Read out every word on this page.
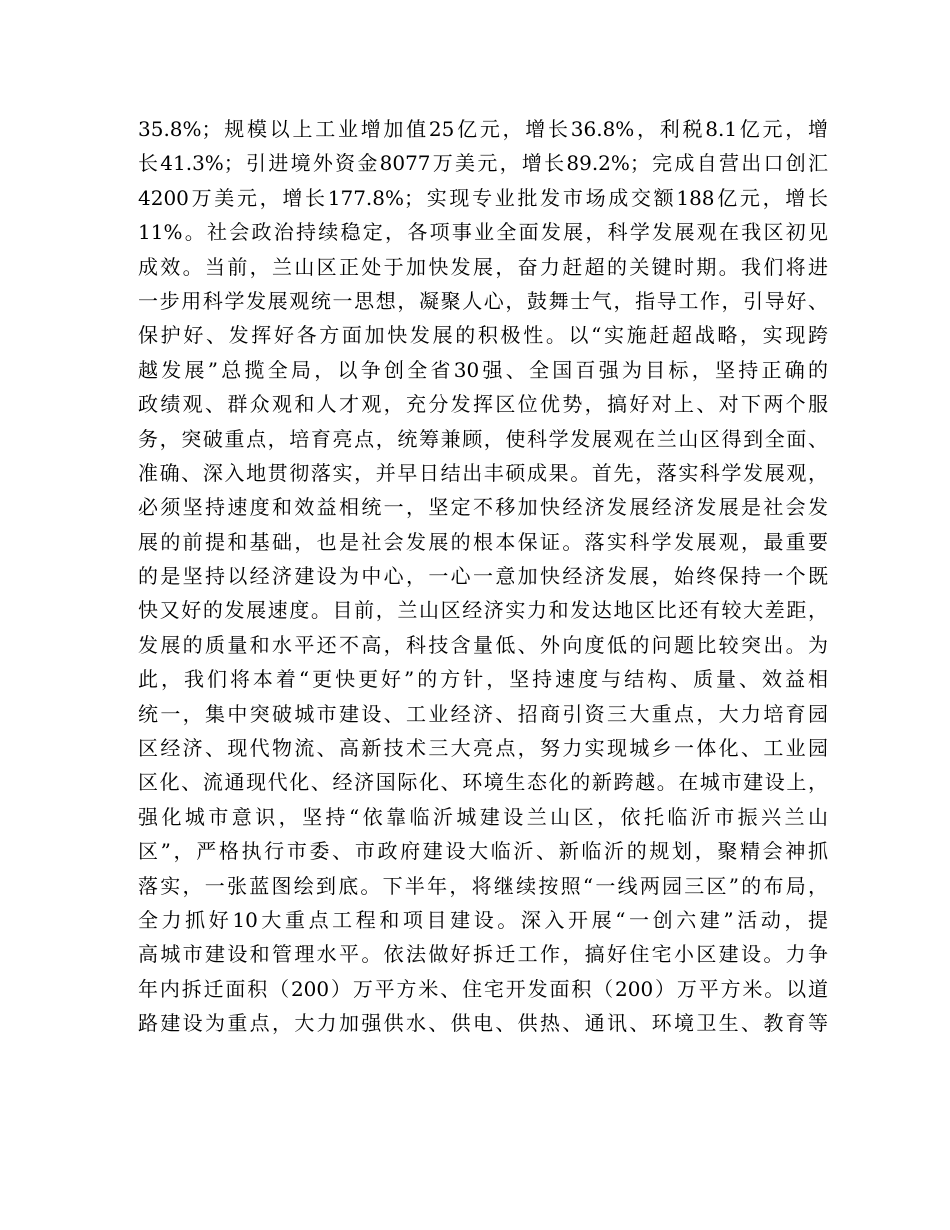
35.8%；规模以上工业增加值25亿元，增长36.8%，利税8.1亿元，增
长41.3%；引进境外资金8077万美元，增长89.2%；完成自营出口创汇
4200万美元，增长177.8%；实现专业批发市场成交额188亿元，增长
11%。社会政治持续稳定，各项事业全面发展，科学发展观在我区初见
成效。当前，兰山区正处于加快发展，奋力赶超的关键时期。我们将进
一步用科学发展观统一思想，凝聚人心，鼓舞士气，指导工作，引导好、
保护好、发挥好各方面加快发展的积极性。以“实施赶超战略，实现跨
越发展”总揽全局，以争创全省30强、全国百强为目标，坚持正确的
政绩观、群众观和人才观，充分发挥区位优势，搞好对上、对下两个服
务，突破重点，培育亮点，统筹兼顾，使科学发展观在兰山区得到全面、
准确、深入地贯彻落实，并早日结出丰硕成果。首先，落实科学发展观，
必须坚持速度和效益相统一，坚定不移加快经济发展经济发展是社会发
展的前提和基础，也是社会发展的根本保证。落实科学发展观，最重要
的是坚持以经济建设为中心，一心一意加快经济发展，始终保持一个既
快又好的发展速度。目前，兰山区经济实力和发达地区比还有较大差距，
发展的质量和水平还不高，科技含量低、外向度低的问题比较突出。为
此，我们将本着“更快更好”的方针，坚持速度与结构、质量、效益相
统一，集中突破城市建设、工业经济、招商引资三大重点，大力培育园
区经济、现代物流、高新技术三大亮点，努力实现城乡一体化、工业园
区化、流通现代化、经济国际化、环境生态化的新跨越。在城市建设上，
强化城市意识，坚持“依靠临沂城建设兰山区，依托临沂市振兴兰山
区”，严格执行市委、市政府建设大临沂、新临沂的规划，聚精会神抓
落实，一张蓝图绘到底。下半年，将继续按照“一线两园三区”的布局，
全力抓好10大重点工程和项目建设。深入开展“一创六建”活动，提
高城市建设和管理水平。依法做好拆迁工作，搞好住宅小区建设。力争
年内拆迁面积（200）万平方米、住宅开发面积（200）万平方米。以道
路建设为重点，大力加强供水、供电、供热、通讯、环境卫生、教育等
